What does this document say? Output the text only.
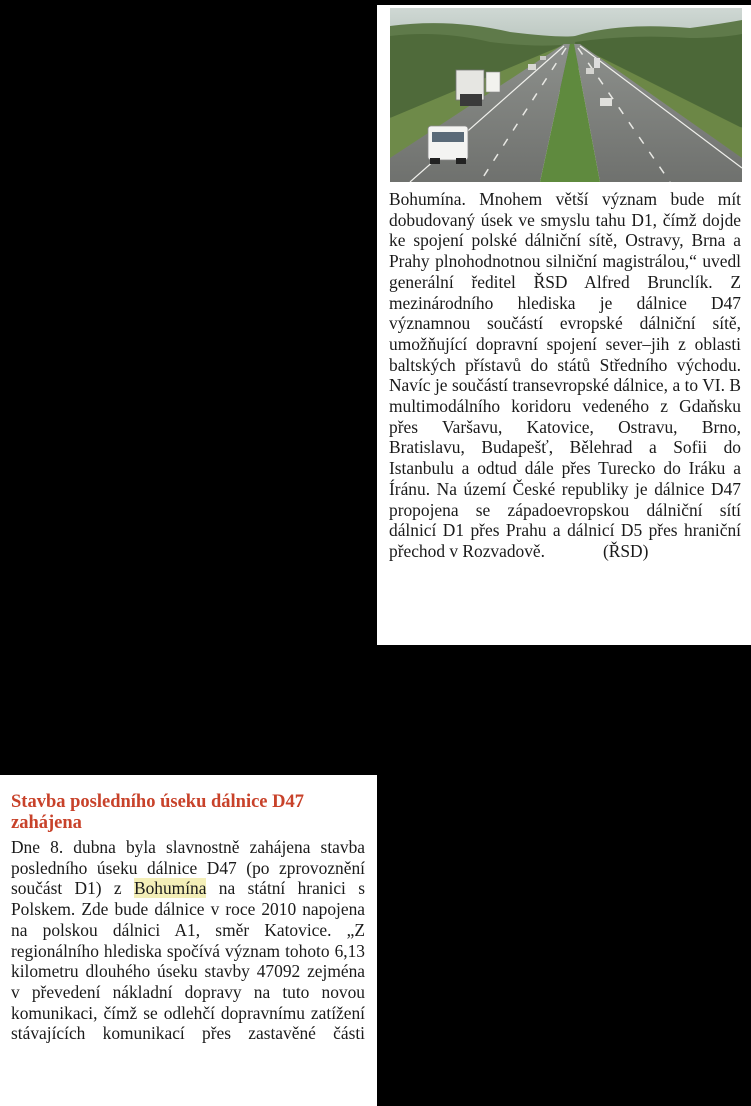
Bohumína. Mnohem větší význam bude mít dobudovaný úsek ve smyslu tahu D1, čímž dojde ke spojení polské dálniční sítě, Ostravy, Brna a Prahy plnohodnotnou silniční magistrálou,“ uvedl generální ředitel ŘSD Alfred Brunclík. Z mezinárodního hlediska je dálnice D47 významnou součástí evropské dálniční sítě, umožňující dopravní spojení sever–jih z oblasti baltských přístavů do států Středního východu. Navíc je součástí transevropské dálnice, a to VI. B multimodálního koridoru vedeného z Gdaňsku přes Varšavu, Katovice, Ostravu, Brno, Bratislavu, Budapešť, Bělehrad a Sofii do Istanbulu a odtud dále přes Turecko do Iráku a Íránu. Na území České republiky je dálnice D47 propojena se západoevropskou dálniční sítí dálnicí D1 přes Prahu a dálnicí D5 přes hraniční přechod v Rozvadově.	(ŘSD)

Stavba posledního úseku dálnice D47 zahájena

Dne 8. dubna byla slavnostně zahájena stavba posledního úseku dálnice D47 (po zprovoznění součást D1) z Bohumína na státní hranici s Polskem. Zde bude dálnice v roce 2010 napojena na polskou dálnici A1, směr Katovice. „Z regionálního hlediska spočívá význam tohoto 6,13 kilometru dlouhého úseku stavby 47092 zejména v převedení nákladní dopravy na tuto novou komunikaci, čímž se odlehčí dopravnímu zatížení stávajících komunikací přes zastavěné části
